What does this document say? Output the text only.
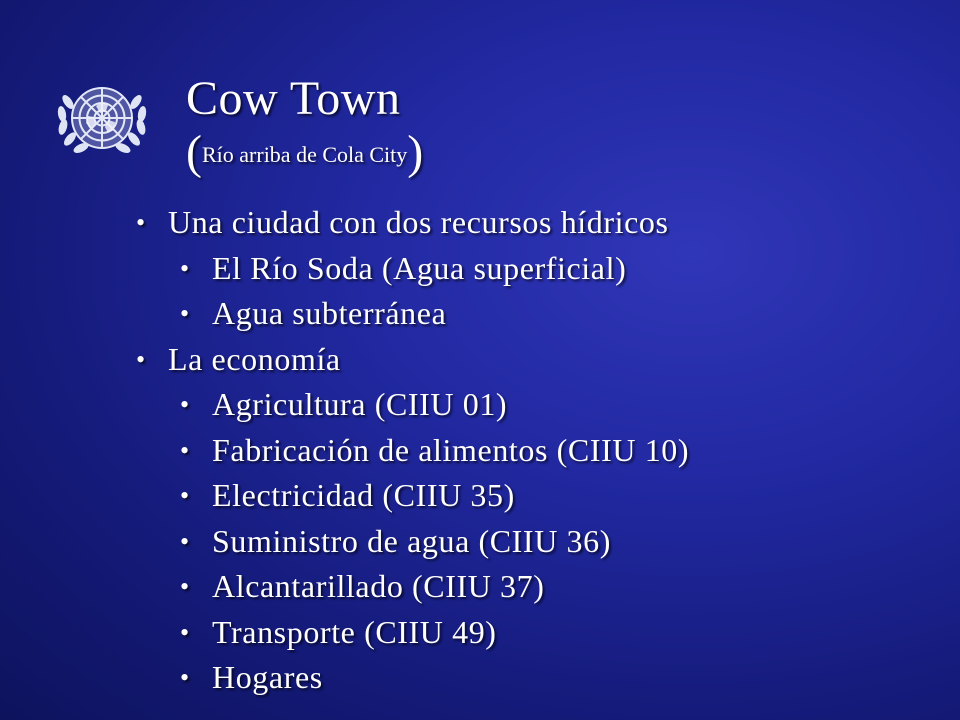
Cow Town
(Río arriba de Cola City)
• Una ciudad con dos recursos hídricos
• El Río Soda (Agua superficial)
• Agua subterránea
• La economía
• Agricultura (CIIU 01)
• Fabricación de alimentos (CIIU 10)
• Electricidad (CIIU 35)
• Suministro de agua (CIIU 36)
• Alcantarillado (CIIU 37)
• Transporte (CIIU 49)
• Hogares
